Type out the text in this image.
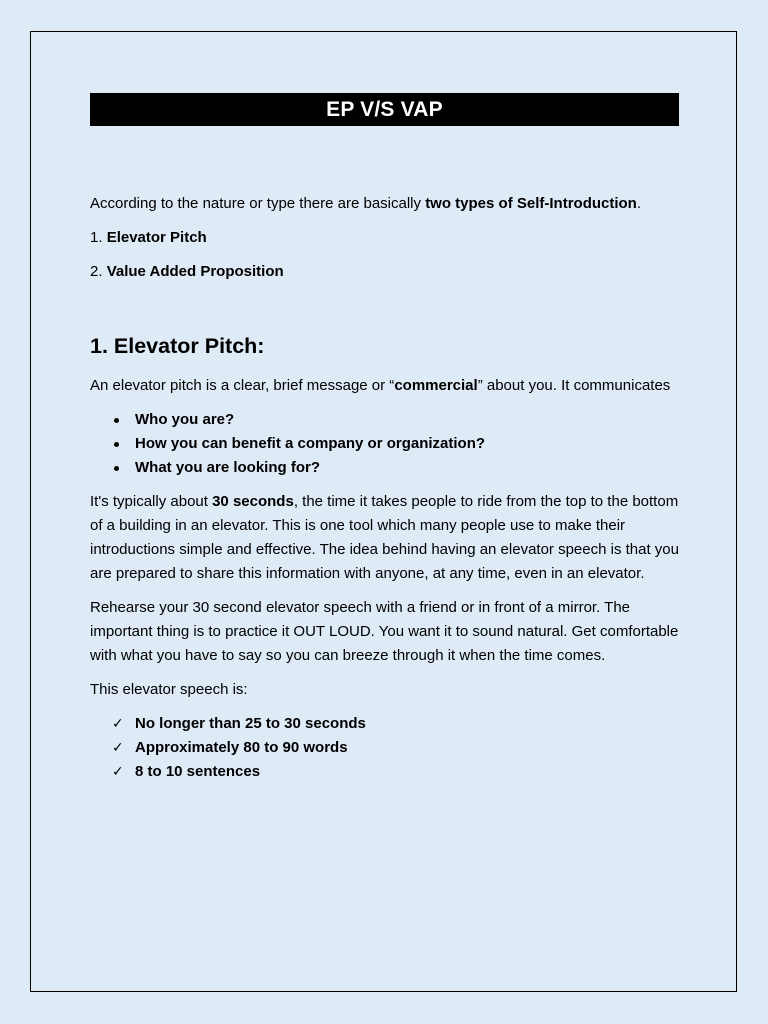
EP V/S VAP

According to the nature or type there are basically two types of Self-Introduction.

1. Elevator Pitch

2. Value Added Proposition

1. Elevator Pitch:

An elevator pitch is a clear, brief message or “commercial” about you. It communicates

Who you are?
How you can benefit a company or organization?
What you are looking for?

It's typically about 30 seconds, the time it takes people to ride from the top to the bottom of a building in an elevator. This is one tool which many people use to make their introductions simple and effective. The idea behind having an elevator speech is that you are prepared to share this information with anyone, at any time, even in an elevator.

Rehearse your 30 second elevator speech with a friend or in front of a mirror. The important thing is to practice it OUT LOUD. You want it to sound natural. Get comfortable with what you have to say so you can breeze through it when the time comes.

This elevator speech is:

✓ No longer than 25 to 30 seconds
✓ Approximately 80 to 90 words
✓ 8 to 10 sentences
